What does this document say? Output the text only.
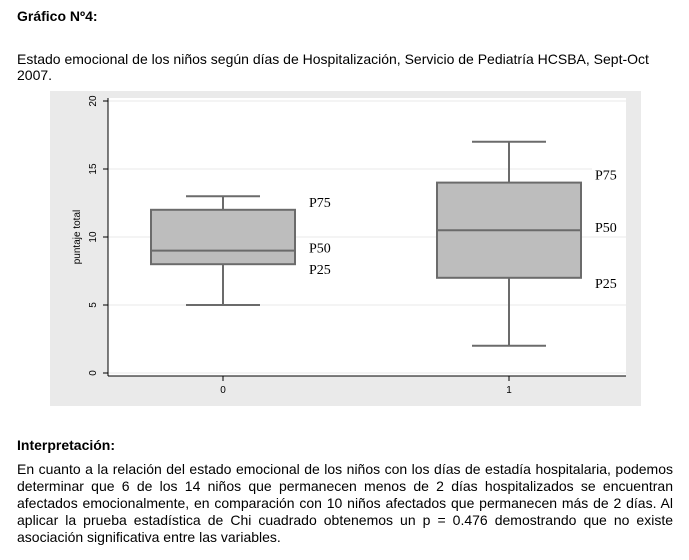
Gráfico Nº4:
Estado emocional de los niños según días de Hospitalización, Servicio de Pediatría HCSBA, Sept-Oct 2007.
0
5
10
15
20
puntaje total
0
P75
P50
P25
1
P75
P50
P25
Interpretación:
En cuanto a la relación del estado emocional de los niños con los días de estadía hospitalaria, podemos determinar que 6 de los 14 niños que permanecen menos de 2 días hospitalizados se encuentran afectados emocionalmente, en comparación con 10 niños afectados que permanecen más de 2 días. Al aplicar la prueba estadística de Chi cuadrado obtenemos un p = 0.476 demostrando que no existe asociación significativa entre las variables.
